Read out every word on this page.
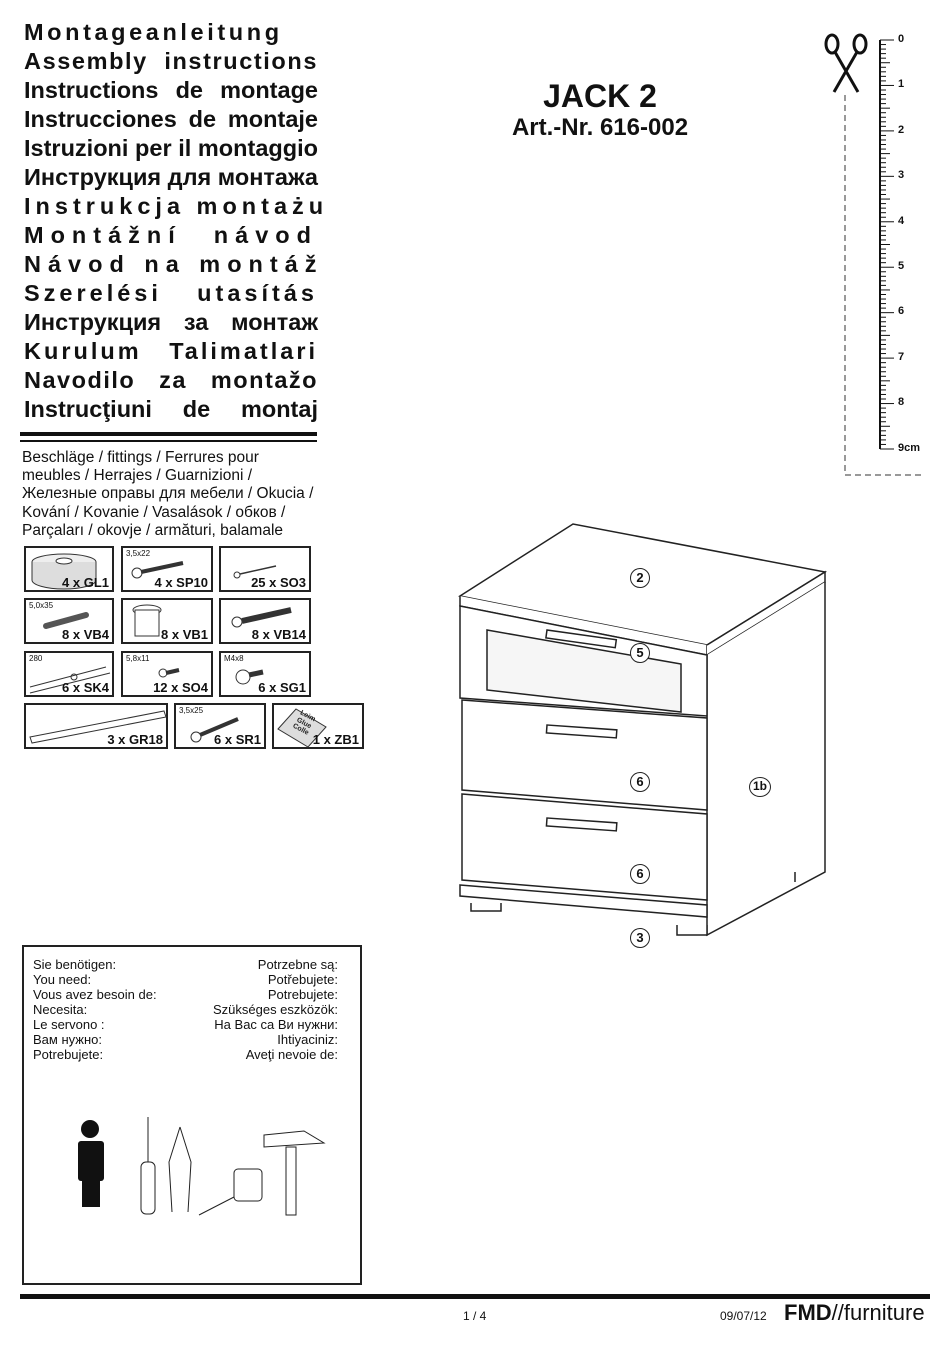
Montageanleitung
Assembly instructions
Instructions de montage
Instrucciones de montaje
Istruzioni per il montaggio
Инструкция для монтажа
Instrukcja montażu
Montážní návod
Návod na montáž
Szerelési utasítás
Инструкция за монтаж
Kurulum Talimatlari
Navodilo za montažo
Instrucţiuni de montaj
Beschläge / fittings / Ferrures pour meubles / Herrajes / Guarnizioni / Железные оправы для мебели / Okucia / Kování / Kovanie / Vasalások / обков / Parçaları / okovje / armături, balamale
4 x GL1
3,5x22
4 x SP10	25 x SO3
5,0x35
8 x VB4	8 x VB1	8 x VB14
280
6 x SK4
5,8x11
12 x SO4
M4x8
6 x SG1
3 x GR18
3,5x25
6 x SR1
Leim Glue Colle
1 x ZB1
JACK 2
Art.-Nr. 616-002
0
1
2
3
4
5
6
7
8
9cm
2
5
6
6
1b
3
Sie benötigen:
You need:
Vous avez besoin de:
Necesita:
Le servono :
Вам нужно:
Potrebujete:
Potrzebne są:
Potřebujete:
Potrebujete:
Szükséges eszközök:
На Вас са Ви нужни:
Ihtiyaciniz:
Aveţi nevoie de:
1 / 4	09/07/12 FMD//furniture
